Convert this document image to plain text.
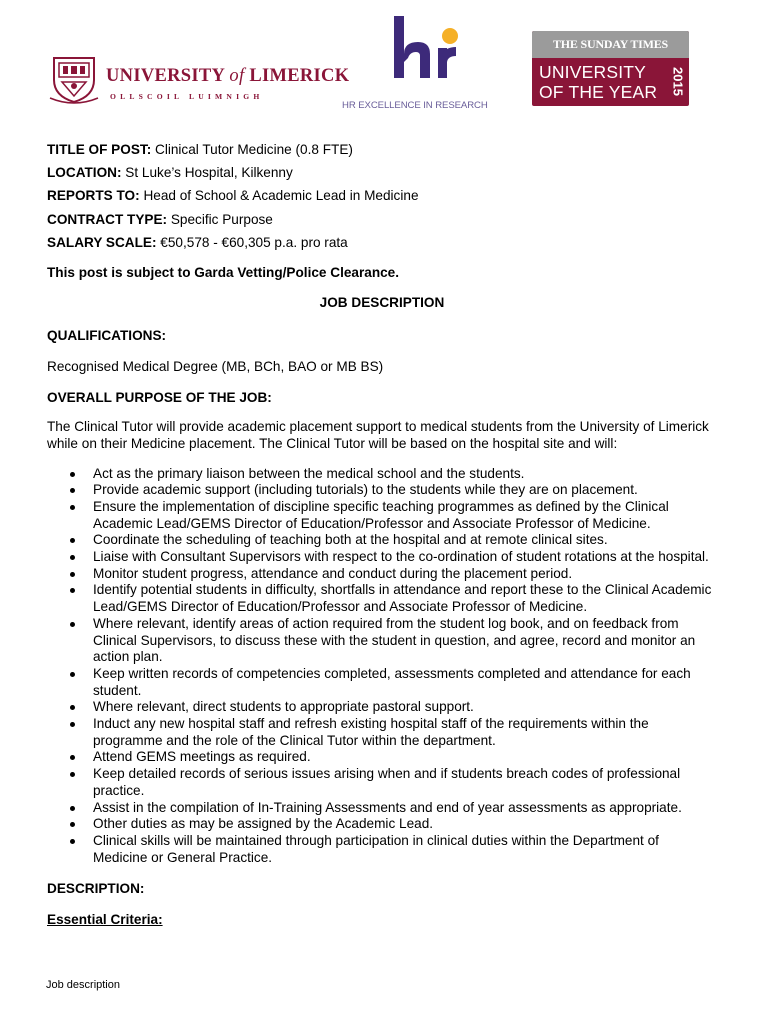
UNIVERSITY of LIMERICK
OLLSCOIL LUIMNIGH
HR EXCELLENCE IN RESEARCH
THE SUNDAY TIMES
UNIVERSITY
OF THE YEAR 2015
TITLE OF POST: Clinical Tutor Medicine (0.8 FTE)
LOCATION: St Luke’s Hospital, Kilkenny
REPORTS TO: Head of School & Academic Lead in Medicine
CONTRACT TYPE: Specific Purpose
SALARY SCALE: €50,578 - €60,305 p.a. pro rata
This post is subject to Garda Vetting/Police Clearance.
JOB DESCRIPTION
QUALIFICATIONS:
Recognised Medical Degree (MB, BCh, BAO or MB BS)
OVERALL PURPOSE OF THE JOB:
The Clinical Tutor will provide academic placement support to medical students from the University of Limerick while on their Medicine placement. The Clinical Tutor will be based on the hospital site and will:
Act as the primary liaison between the medical school and the students.
Provide academic support (including tutorials) to the students while they are on placement.
Ensure the implementation of discipline specific teaching programmes as defined by the Clinical Academic Lead/GEMS Director of Education/Professor and Associate Professor of Medicine.
Coordinate the scheduling of teaching both at the hospital and at remote clinical sites.
Liaise with Consultant Supervisors with respect to the co-ordination of student rotations at the hospital.
Monitor student progress, attendance and conduct during the placement period.
Identify potential students in difficulty, shortfalls in attendance and report these to the Clinical Academic Lead/GEMS Director of Education/Professor and Associate Professor of Medicine.
Where relevant, identify areas of action required from the student log book, and on feedback from Clinical Supervisors, to discuss these with the student in question, and agree, record and monitor an action plan.
Keep written records of competencies completed, assessments completed and attendance for each student.
Where relevant, direct students to appropriate pastoral support.
Induct any new hospital staff and refresh existing hospital staff of the requirements within the programme and the role of the Clinical Tutor within the department.
Attend GEMS meetings as required.
Keep detailed records of serious issues arising when and if students breach codes of professional practice.
Assist in the compilation of In-Training Assessments and end of year assessments as appropriate.
Other duties as may be assigned by the Academic Lead.
Clinical skills will be maintained through participation in clinical duties within the Department of Medicine or General Practice.
DESCRIPTION:
Essential Criteria:
Job description
